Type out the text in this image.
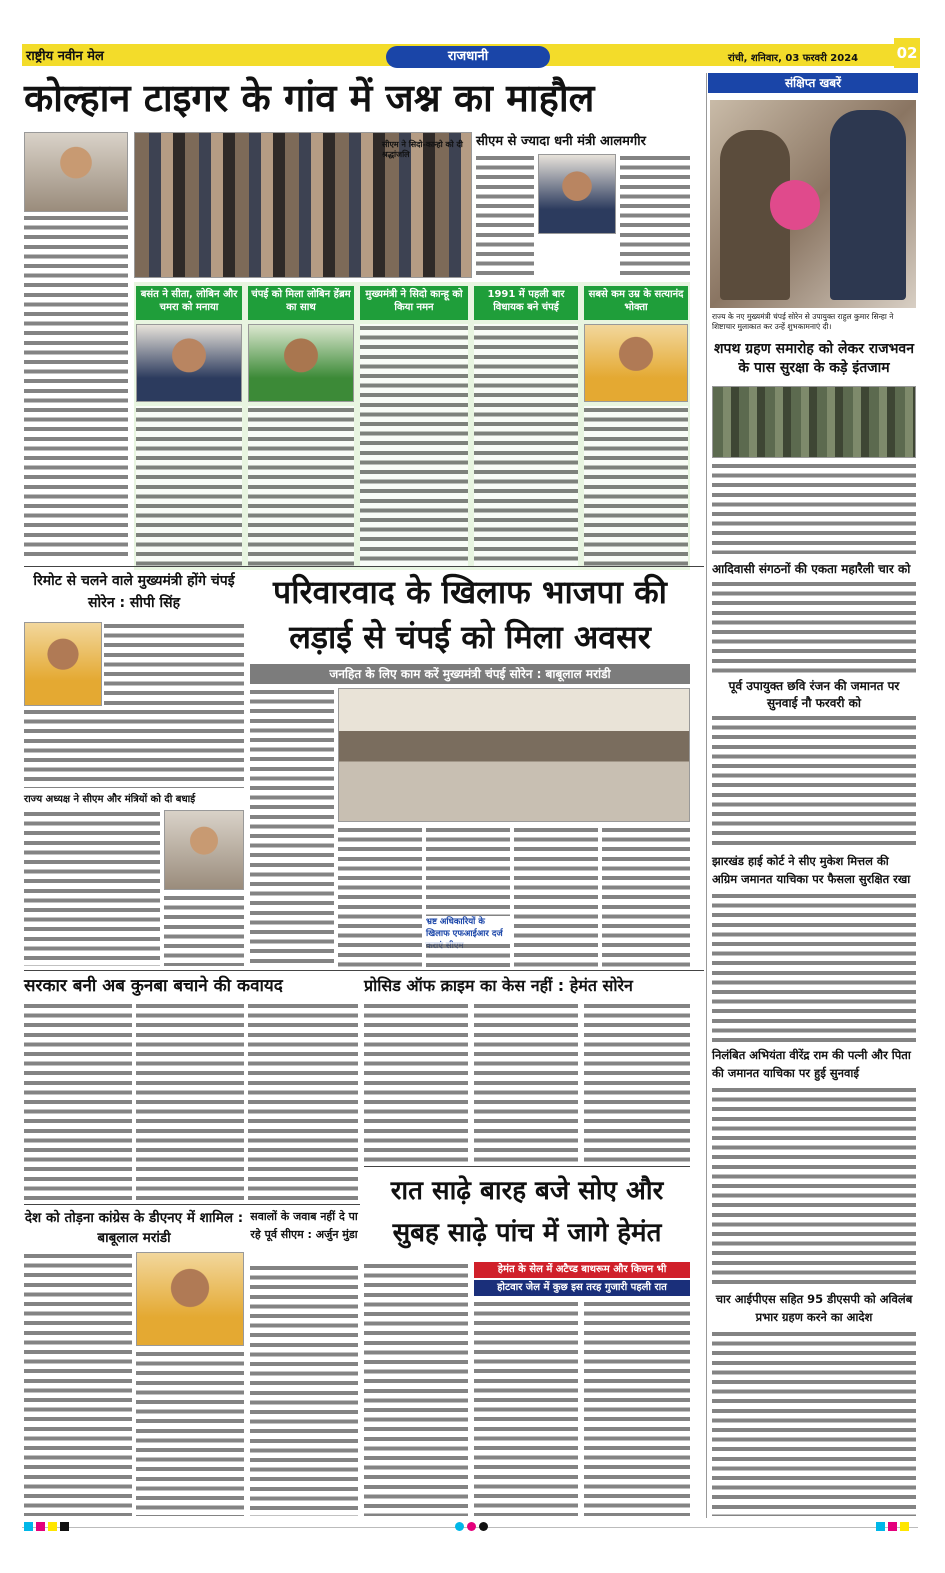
राष्ट्रीय नवीन मेल	राजधानी	रांची, शनिवार, 03 फरवरी 2024	02
कोल्हान टाइगर के गांव में जश्न का माहौल	संक्षिप्त खबरें
राज्य के नए मुख्यमंत्री चंपई सोरेन से उपायुक्त राहुल कुमार सिन्हा ने शिष्टाचार मुलाकात कर उन्हें शुभकामनाएं दी।
शपथ ग्रहण समारोह को लेकर राजभवन के पास सुरक्षा के कड़े इंतजाम
आदिवासी संगठनों की एकता महारैली चार को
पूर्व उपायुक्त छवि रंजन की जमानत पर सुनवाई नौ फरवरी को
झारखंड हाई कोर्ट ने सीए मुकेश मित्तल की अग्रिम जमानत याचिका पर फैसला सुरक्षित रखा
निलंबित अभियंता वीरेंद्र राम की पत्नी और पिता की जमानत याचिका पर हुई सुनवाई
चार आईपीएस सहित 95 डीएसपी को अविलंब प्रभार ग्रहण करने का आदेश
सीएम ने सिदो-कान्हो को दी श्रद्धांजलि
सीएम से ज्यादा धनी मंत्री आलमगीर
बसंत ने सीता, लोबिन और चमरा को मनाया
चंपई को मिला लोबिन हेंब्रम का साथ
मुख्यमंत्री ने सिदो कान्हू को किया नमन
1991 में पहली बार विधायक बने चंपई
सबसे कम उम्र के सत्यानंद भोक्ता
रिमोट से चलने वाले मुख्यमंत्री होंगे चंपई सोरेन : सीपी सिंह
राज्य अध्यक्ष ने सीएम और मंत्रियों को दी बधाई
परिवारवाद के खिलाफ भाजपा की लड़ाई से चंपई को मिला अवसर
जनहित के लिए काम करें मुख्यमंत्री चंपई सोरेन : बाबूलाल मरांडी
भ्रष्ट अधिकारियों के खिलाफ एफआईआर दर्ज
सरकार बनी अब कुनबा बचाने की कवायद	प्रोसिड ऑफ क्राइम का केस नहीं : हेमंत सोरेन
देश को तोड़ना कांग्रेस के डीएनए में शामिल : बाबूलाल मरांडी
सवालों के जवाब नहीं दे पा रहे पूर्व सीएम : अर्जुन मुंडा
रात साढ़े बारह बजे सोए और सुबह साढ़े पांच में जागे हेमंत
हेमंत के सेल में अटैच्ड बाथरूम और किचन भी
होटवार जेल में कुछ इस तरह गुजारी पहली रात
